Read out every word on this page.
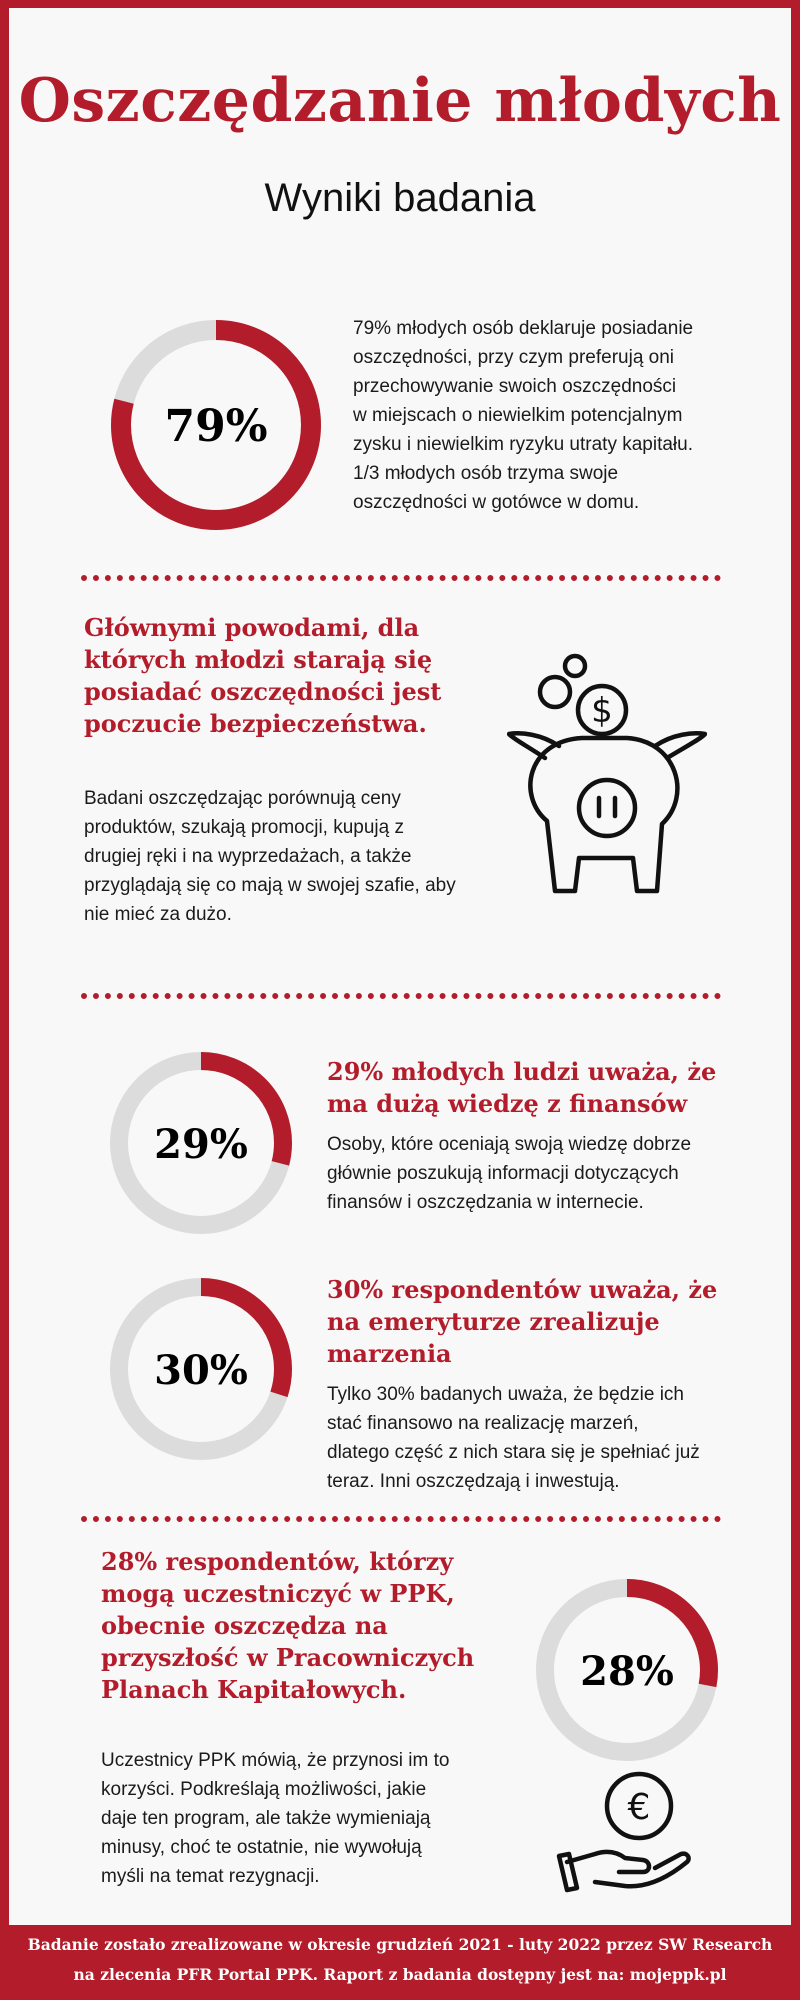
Oszczędzanie młodych
Wyniki badania
79%
79% młodych osób deklaruje posiadanie
oszczędności, przy czym preferują oni
przechowywanie swoich oszczędności
w miejscach o niewielkim potencjalnym
zysku i niewielkim ryzyku utraty kapitału.
1/3 młodych osób trzyma swoje
oszczędności w gotówce w domu.
Głównymi powodami, dla
których młodzi starają się
posiadać oszczędności jest
poczucie bezpieczeństwa.
Badani oszczędzając porównują ceny
produktów, szukają promocji, kupują z
drugiej ręki i na wyprzedażach, a także
przyglądają się co mają w swojej szafie, aby
nie mieć za dużo.
$
29%
29% młodych ludzi uważa, że
ma dużą wiedzę z finansów
Osoby, które oceniają swoją wiedzę dobrze
głównie poszukują informacji dotyczących
finansów i oszczędzania w internecie.
30%
30% respondentów uważa, że
na emeryturze zrealizuje
marzenia
Tylko 30% badanych uważa, że będzie ich
stać finansowo na realizację marzeń,
dlatego część z nich stara się je spełniać już
teraz. Inni oszczędzają i inwestują.
28% respondentów, którzy
mogą uczestniczyć w PPK,
obecnie oszczędza na
przyszłość w Pracowniczych
Planach Kapitałowych.	28%
Uczestnicy PPK mówią, że przynosi im to
korzyści. Podkreślają możliwości, jakie
daje ten program, ale także wymieniają
minusy, choć te ostatnie, nie wywołują
myśli na temat rezygnacji.
€
Badanie zostało zrealizowane w okresie grudzień 2021 - luty 2022 przez SW Research
na zlecenia PFR Portal PPK. Raport z badania dostępny jest na: mojeppk.pl
